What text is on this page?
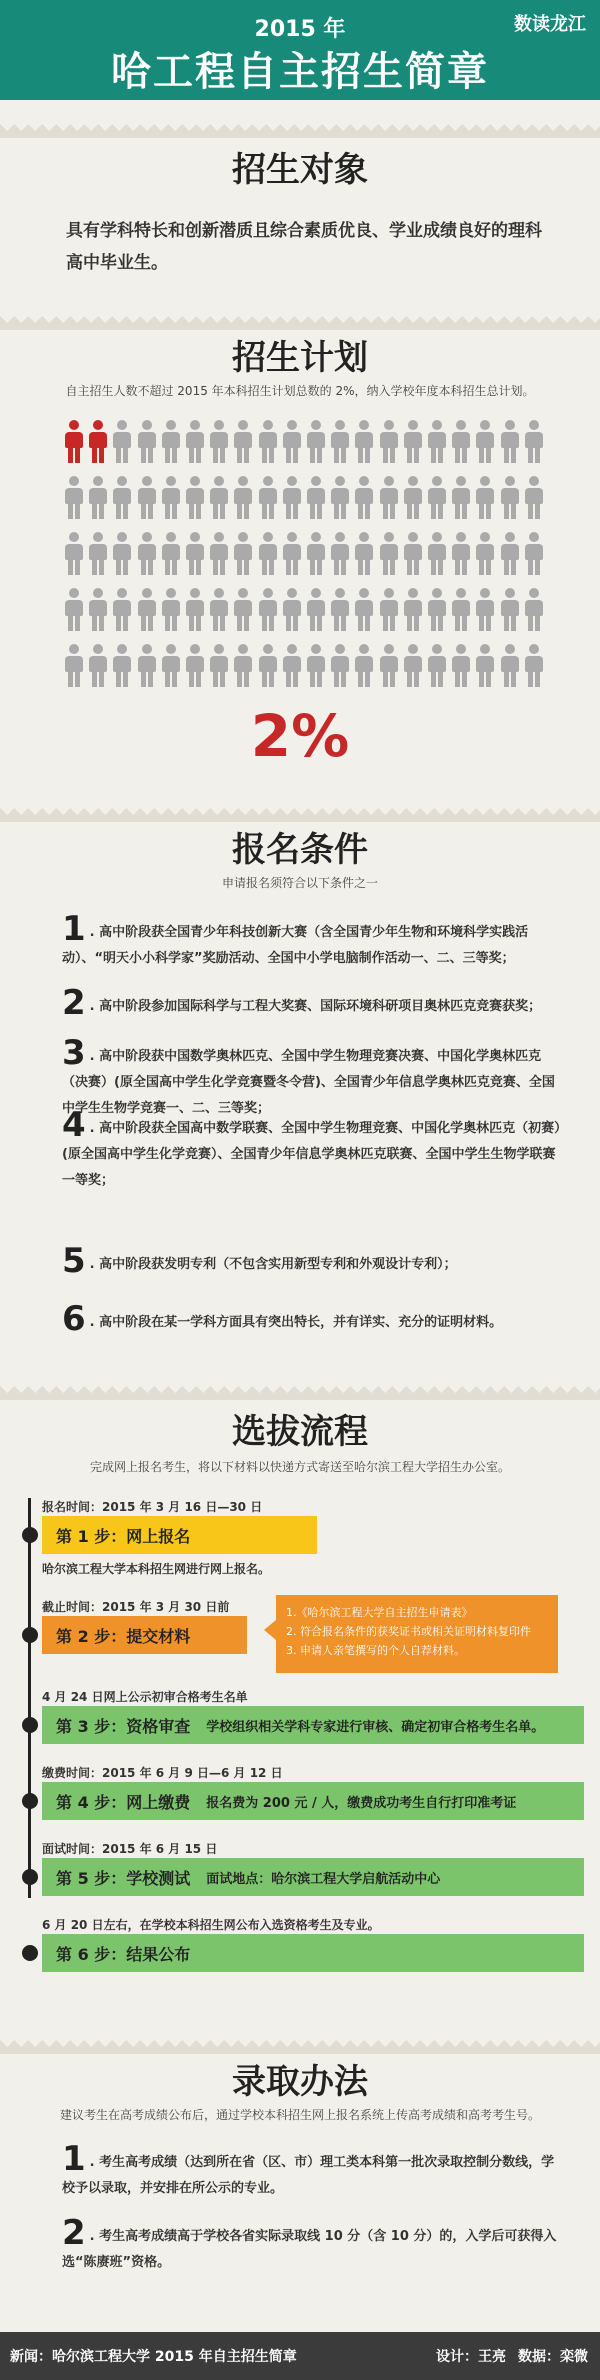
2015 年
哈工程自主招生简章
数读龙江
招生对象
具有学科特长和创新潜质且综合素质优良、学业成绩良好的理科高中毕业生。
招生计划
自主招生人数不超过 2015 年本科招生计划总数的 2%，纳入学校年度本科招生总计划。
2%
报名条件
申请报名须符合以下条件之一
1 . 高中阶段获全国青少年科技创新大赛（含全国青少年生物和环境科学实践活动）、“明天小小科学家”奖励活动、全国中小学电脑制作活动一、二、三等奖；
2 . 高中阶段参加国际科学与工程大奖赛、国际环境科研项目奥林匹克竞赛获奖；
3 . 高中阶段获中国数学奥林匹克、全国中学生物理竞赛决赛、中国化学奥林匹克（决赛）(原全国高中学生化学竞赛暨冬令营)、全国青少年信息学奥林匹克竞赛、全国中学生生物学竞赛一、二、三等奖；
4 . 高中阶段获全国高中数学联赛、全国中学生物理竞赛、中国化学奥林匹克（初赛）(原全国高中学生化学竞赛）、全国青少年信息学奥林匹克联赛、全国中学生生物学联赛一等奖；
5 . 高中阶段获发明专利（不包含实用新型专利和外观设计专利）；
6 . 高中阶段在某一学科方面具有突出特长，并有详实、充分的证明材料。
选拔流程
完成网上报名考生，将以下材料以快递方式寄送至哈尔滨工程大学招生办公室。
报名时间：2015 年 3 月 16 日—30 日
第 1 步：网上报名
哈尔滨工程大学本科招生网进行网上报名。
截止时间：2015 年 3 月 30 日前
第 2 步：提交材料
1.《哈尔滨工程大学自主招生申请表》
2. 符合报名条件的获奖证书或相关证明材料复印件
3. 申请人亲笔撰写的个人自荐材料。
4 月 24 日网上公示初审合格考生名单
第 3 步：资格审查 学校组织相关学科专家进行审核、确定初审合格考生名单。
缴费时间：2015 年 6 月 9 日—6 月 12 日
第 4 步：网上缴费 报名费为 200 元 / 人，缴费成功考生自行打印准考证
面试时间：2015 年 6 月 15 日
第 5 步：学校测试 面试地点：哈尔滨工程大学启航活动中心
6 月 20 日左右，在学校本科招生网公布入选资格考生及专业。
第 6 步：结果公布
录取办法
建议考生在高考成绩公布后，通过学校本科招生网上报名系统上传高考成绩和高考考生号。
1 . 考生高考成绩（达到所在省（区、市）理工类本科第一批次录取控制分数线，学校予以录取，并安排在所公示的专业。
2 . 考生高考成绩高于学校各省实际录取线 10 分（含 10 分）的，入学后可获得入选“陈赓班”资格。
新闻：哈尔滨工程大学 2015 年自主招生简章	设计：王亮 数据：栾微
